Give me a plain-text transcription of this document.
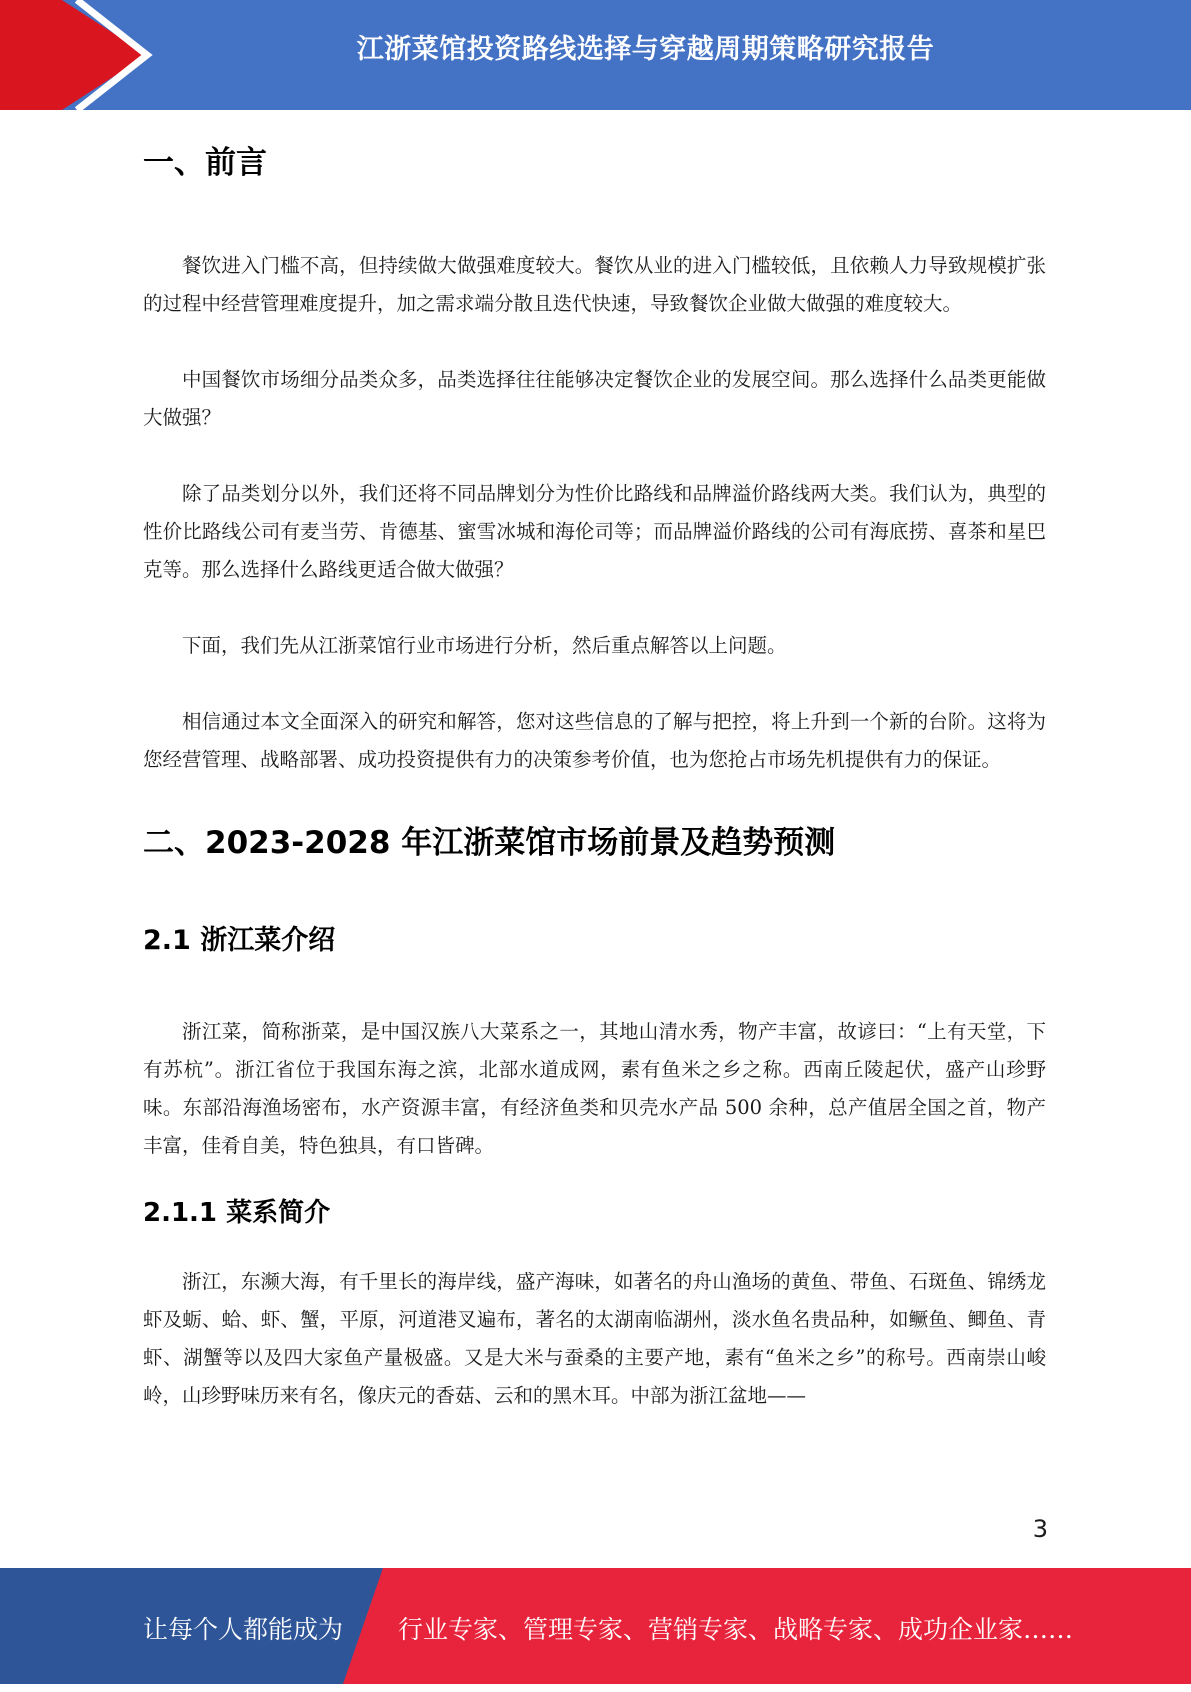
江浙菜馆投资路线选择与穿越周期策略研究报告
一、前言

餐饮进入门槛不高，但持续做大做强难度较大。餐饮从业的进入门槛较低，且依赖人力导致规模扩张的过程中经营管理难度提升，加之需求端分散且迭代快速，导致餐饮企业做大做强的难度较大。

中国餐饮市场细分品类众多，品类选择往往能够决定餐饮企业的发展空间。那么选择什么品类更能做大做强？

除了品类划分以外，我们还将不同品牌划分为性价比路线和品牌溢价路线两大类。我们认为，典型的性价比路线公司有麦当劳、肯德基、蜜雪冰城和海伦司等；而品牌溢价路线的公司有海底捞、喜茶和星巴克等。那么选择什么路线更适合做大做强？

下面，我们先从江浙菜馆行业市场进行分析，然后重点解答以上问题。

相信通过本文全面深入的研究和解答，您对这些信息的了解与把控，将上升到一个新的台阶。这将为您经营管理、战略部署、成功投资提供有力的决策参考价值，也为您抢占市场先机提供有力的保证。

二、2023-2028 年江浙菜馆市场前景及趋势预测
2.1 浙江菜介绍

浙江菜，简称浙菜，是中国汉族八大菜系之一，其地山清水秀，物产丰富，故谚曰：“上有天堂，下有苏杭”。浙江省位于我国东海之滨，北部水道成网，素有鱼米之乡之称。西南丘陵起伏，盛产山珍野味。东部沿海渔场密布，水产资源丰富，有经济鱼类和贝壳水产品 500 余种，总产值居全国之首，物产丰富，佳肴自美，特色独具，有口皆碑。

2.1.1 菜系简介

浙江，东濒大海，有千里长的海岸线，盛产海味，如著名的舟山渔场的黄鱼、带鱼、石斑鱼、锦绣龙虾及蛎、蛤、虾、蟹，平原，河道港叉遍布，著名的太湖南临湖州，淡水鱼名贵品种，如鳜鱼、鲫鱼、青虾、湖蟹等以及四大家鱼产量极盛。又是大米与蚕桑的主要产地，素有“鱼米之乡”的称号。西南崇山峻岭，山珍野味历来有名，像庆元的香菇、云和的黑木耳。中部为浙江盆地——

3
让每个人都能成为 行业专家、管理专家、营销专家、战略专家、成功企业家……
